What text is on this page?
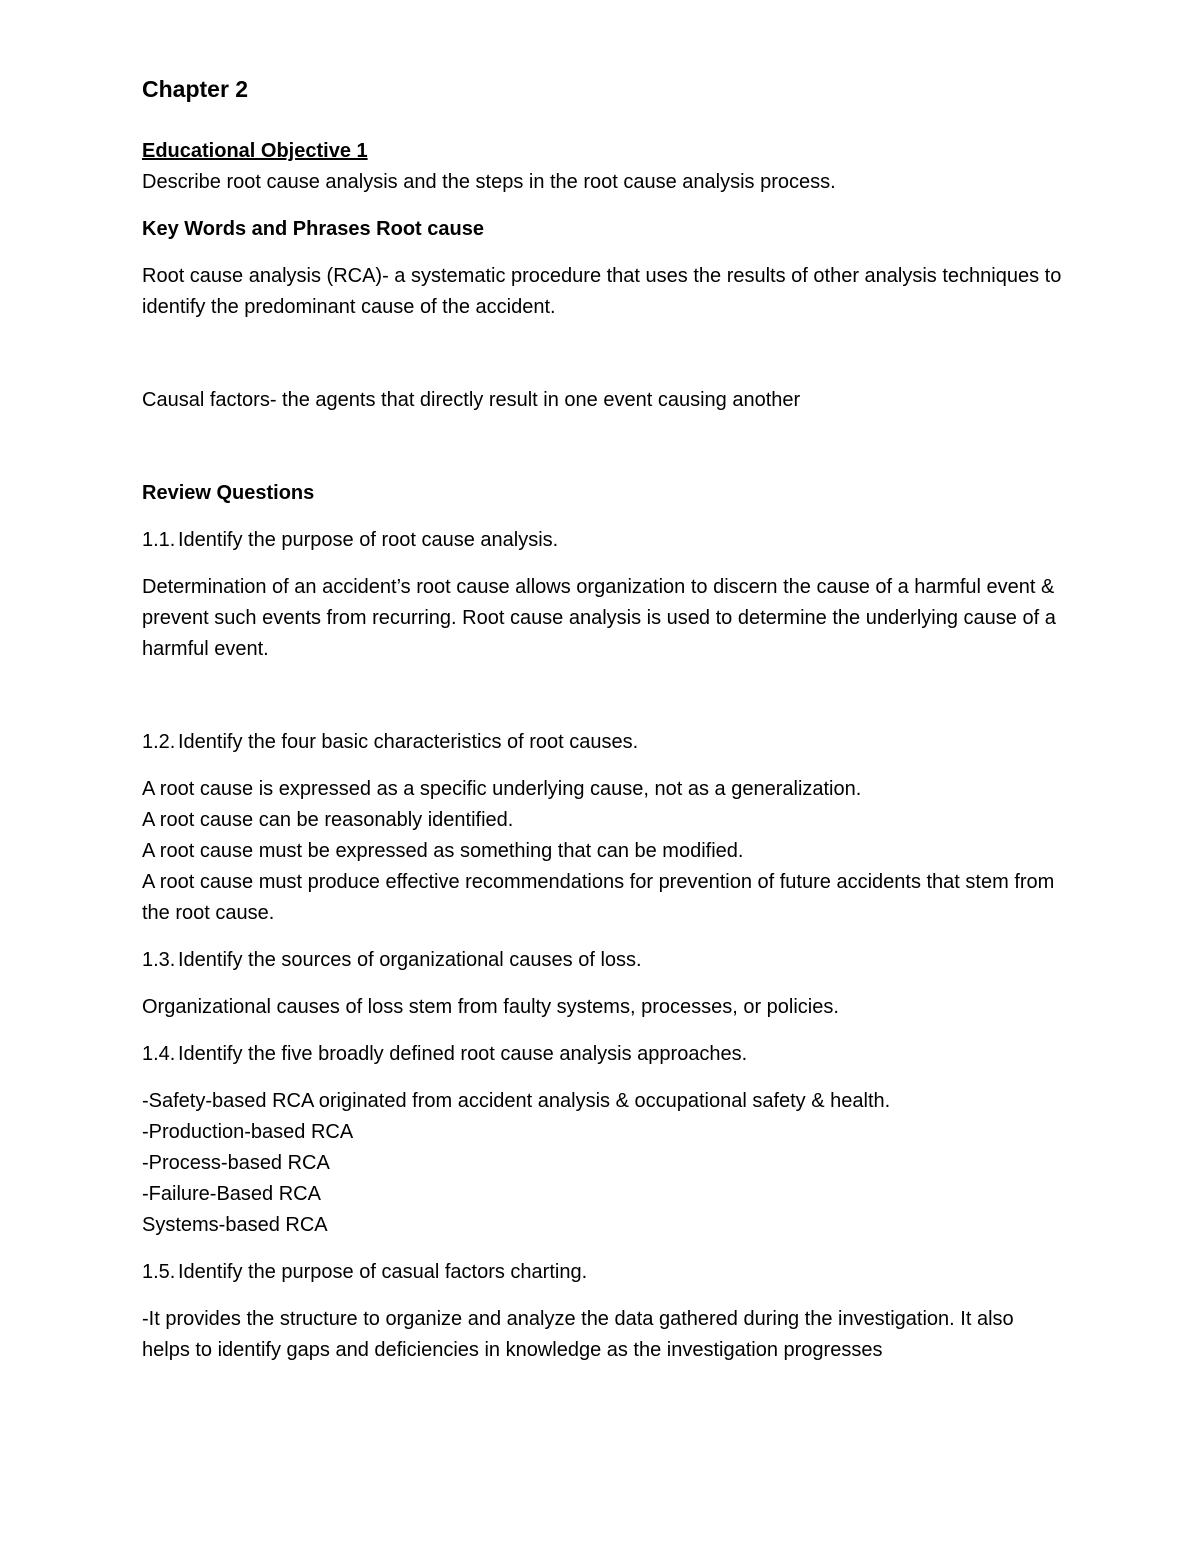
Chapter 2

Educational Objective 1

Describe root cause analysis and the steps in the root cause analysis process.

Key Words and Phrases Root cause

Root cause analysis (RCA)- a systematic procedure that uses the results of other analysis techniques to identify the predominant cause of the accident.

Causal factors- the agents that directly result in one event causing another

Review Questions

1.1. Identify the purpose of root cause analysis.

Determination of an accident’s root cause allows organization to discern the cause of a harmful event & prevent such events from recurring. Root cause analysis is used to determine the underlying cause of a harmful event.

1.2. Identify the four basic characteristics of root causes.

A root cause is expressed as a specific underlying cause, not as a generalization.

A root cause can be reasonably identified.

A root cause must be expressed as something that can be modified.

A root cause must produce effective recommendations for prevention of future accidents that stem from the root cause.

1.3. Identify the sources of organizational causes of loss.

Organizational causes of loss stem from faulty systems, processes, or policies.

1.4. Identify the five broadly defined root cause analysis approaches.

-Safety-based RCA originated from accident analysis & occupational safety & health.

-Production-based RCA

-Process-based RCA

-Failure-Based RCA

Systems-based RCA

1.5. Identify the purpose of casual factors charting.

-It provides the structure to organize and analyze the data gathered during the investigation. It also helps to identify gaps and deficiencies in knowledge as the investigation progresses
